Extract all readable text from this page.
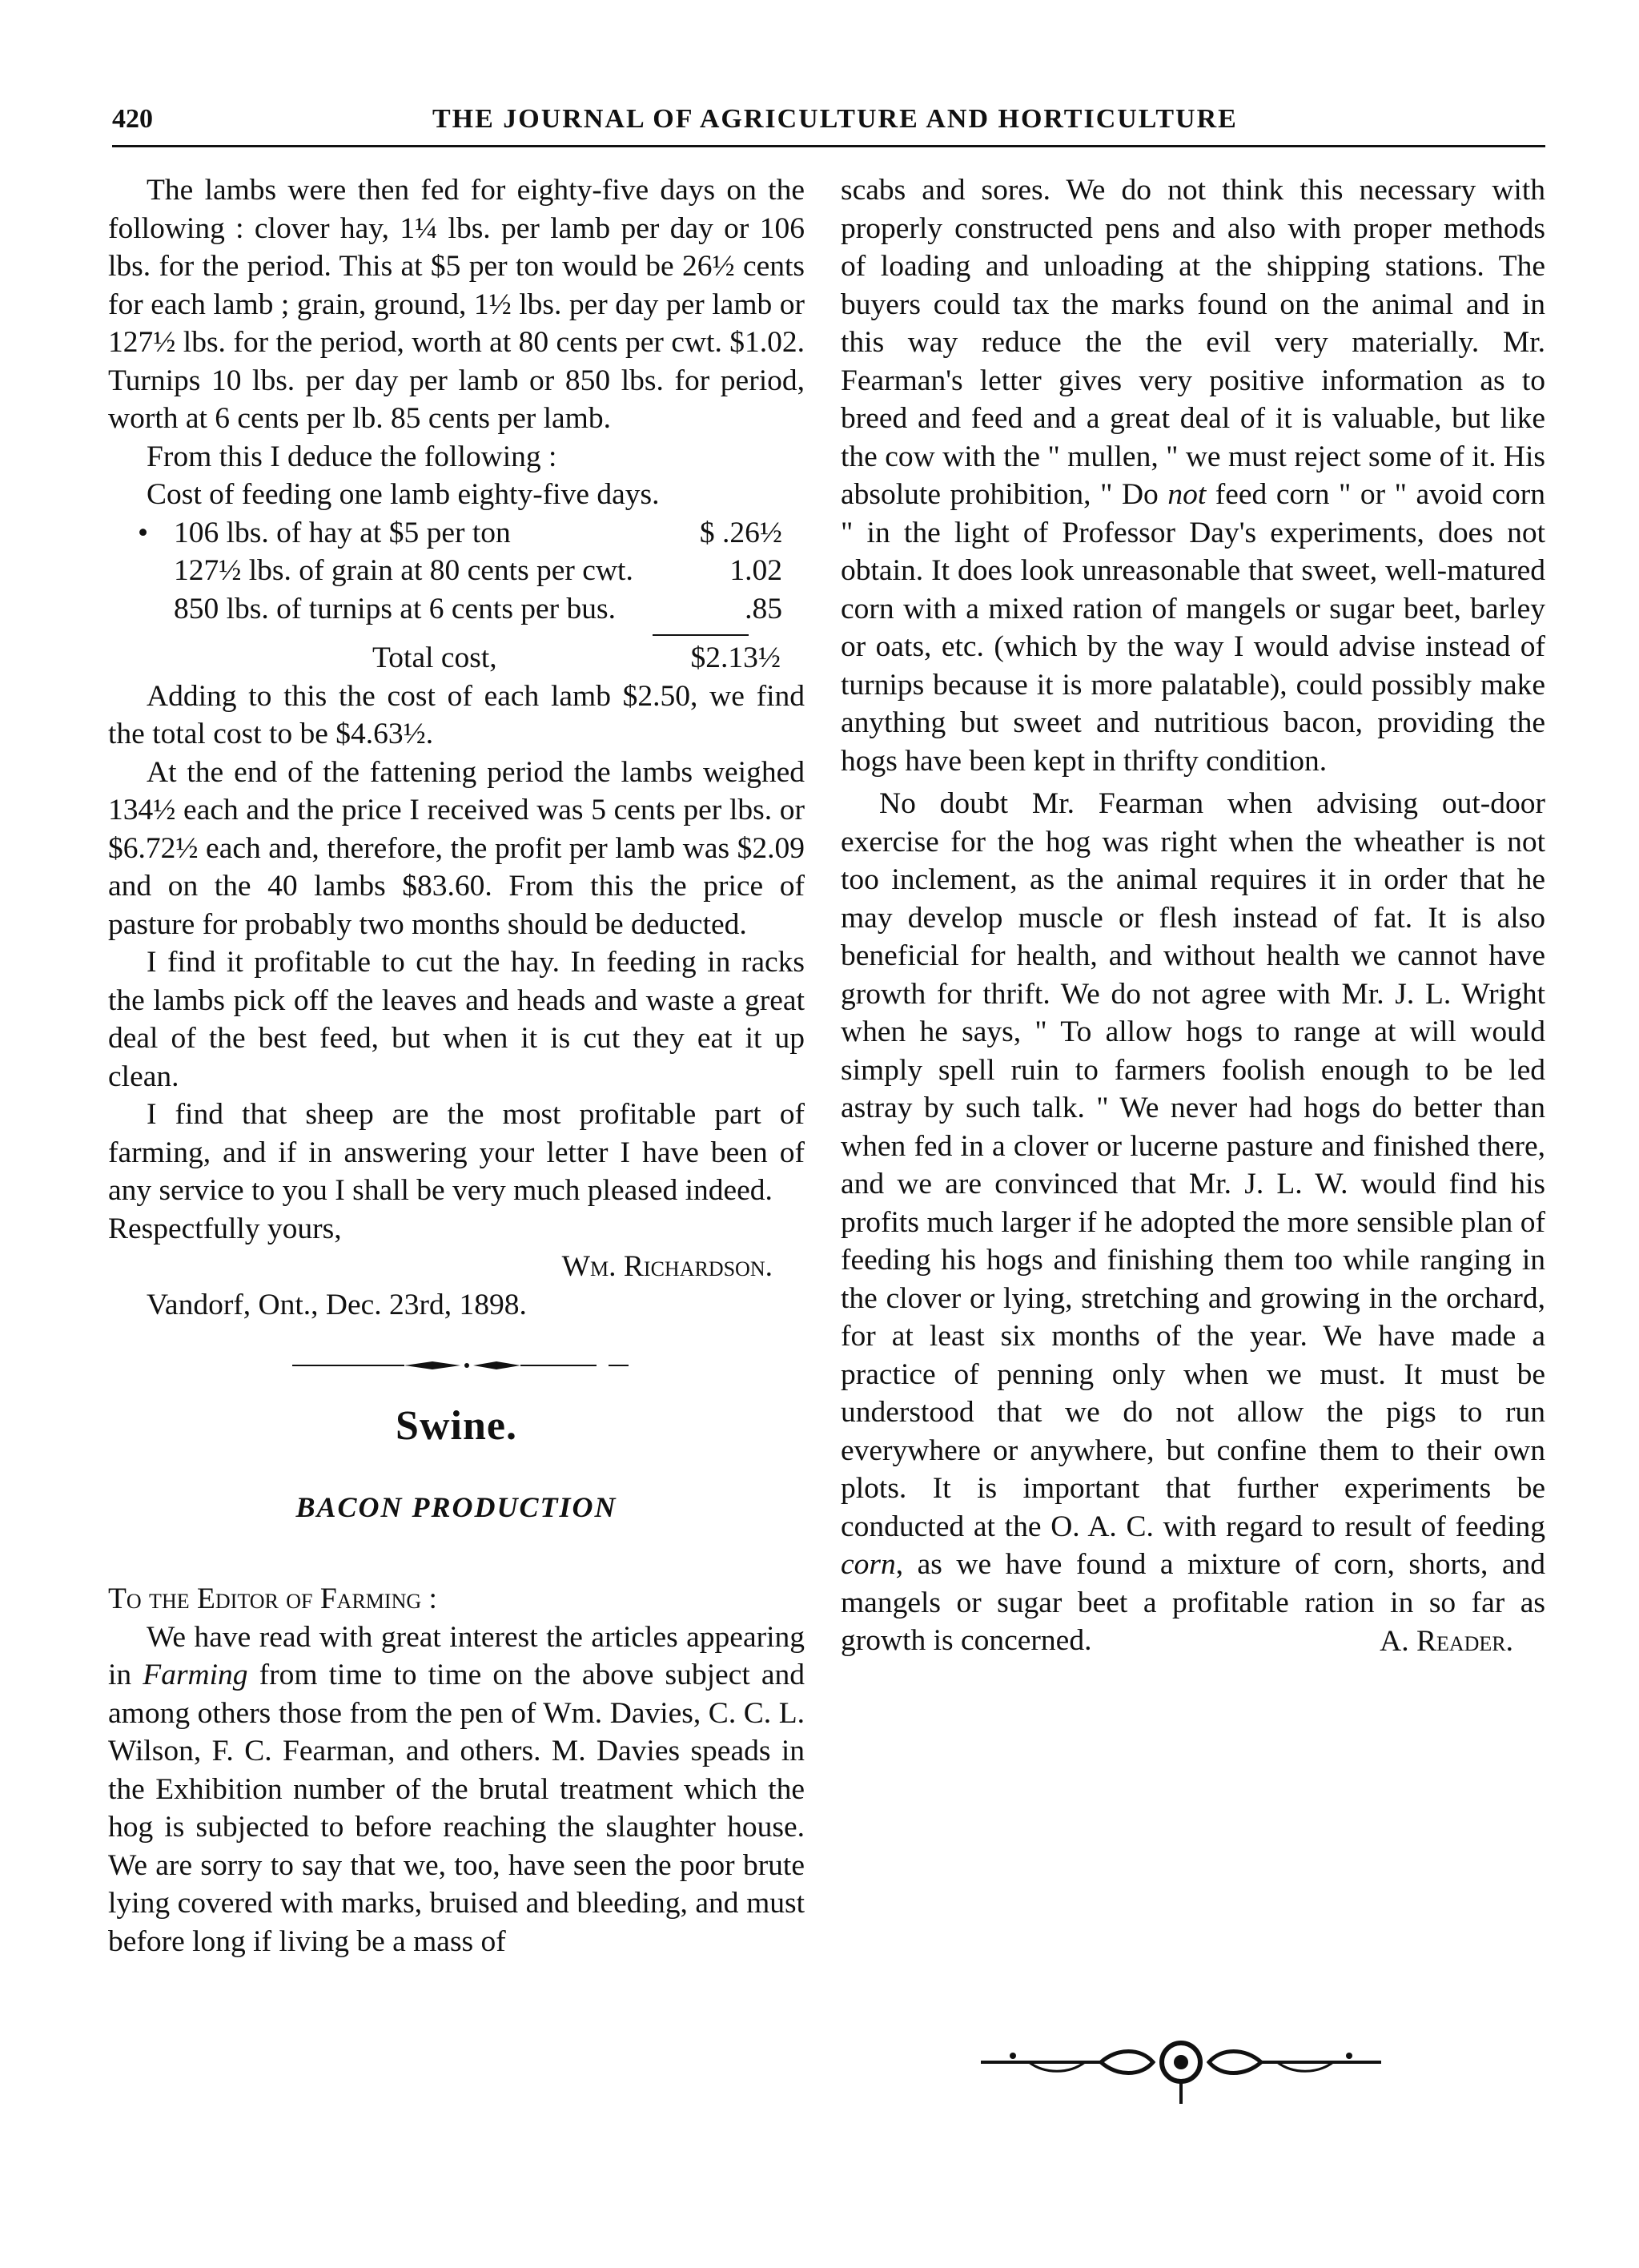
420	THE JOURNAL OF AGRICULTURE AND HORTICULTURE

The lambs were then fed for eighty-five days on the following : clover hay, 1¼ lbs. per lamb per day or 106 lbs. for the period. This at $5 per ton would be 26½ cents for each lamb ; grain, ground, 1½ lbs. per day per lamb or 127½ lbs. for the period, worth at 80 cents per cwt. $1.02. Turnips 10 lbs. per day per lamb or 850 lbs. for period, worth at 6 cents per lb. 85 cents per lamb.

From this I deduce the following :

Cost of feeding one lamb eighty-five days.

• 106 lbs. of hay at $5 per ton	$ .26½
127½ lbs. of grain at 80 cents per cwt.	1.02
850 lbs. of turnips at 6 cents per bus.	.85
Total cost,	$2.13½

Adding to this the cost of each lamb $2.50, we find the total cost to be $4.63½.

At the end of the fattening period the lambs weighed 134½ each and the price I received was 5 cents per lbs. or $6.72½ each and, therefore, the profit per lamb was $2.09 and on the 40 lambs $83.60. From this the price of pasture for probably two months should be deducted.

I find it profitable to cut the hay. In feeding in racks the lambs pick off the leaves and heads and waste a great deal of the best feed, but when it is cut they eat it up clean.

I find that sheep are the most profitable part of farming, and if in answering your letter I have been of any service to you I shall be very much pleased indeed.

Respectfully yours,

Wm. Richardson.

Vandorf, Ont., Dec. 23rd, 1898.

Swine.
BACON PRODUCTION

To the Editor of Farming :

We have read with great interest the articles appearing in Farming from time to time on the above subject and among others those from the pen of Wm. Davies, C. C. L. Wilson, F. C. Fearman, and others. M. Davies speads in the Exhibition number of the brutal treatment which the hog is subjected to before reaching the slaughter house. We are sorry to say that we, too, have seen the poor brute lying covered with marks, bruised and bleeding, and must before long if living be a mass of

scabs and sores. We do not think this necessary with properly constructed pens and also with proper methods of loading and unloading at the shipping stations. The buyers could tax the marks found on the animal and in this way reduce the the evil very materially. Mr. Fearman's letter gives very positive information as to breed and feed and a great deal of it is valuable, but like the cow with the " mullen, " we must reject some of it. His absolute prohibition, " Do not feed corn " or " avoid corn " in the light of Professor Day's experiments, does not obtain. It does look unreasonable that sweet, well-matured corn with a mixed ration of mangels or sugar beet, barley or oats, etc. (which by the way I would advise instead of turnips because it is more palatable), could possibly make anything but sweet and nutritious bacon, providing the hogs have been kept in thrifty condition.

No doubt Mr. Fearman when advising out-door exercise for the hog was right when the wheather is not too inclement, as the animal requires it in order that he may develop muscle or flesh instead of fat. It is also beneficial for health, and without health we cannot have growth for thrift. We do not agree with Mr. J. L. Wright when he says, " To allow hogs to range at will would simply spell ruin to farmers foolish enough to be led astray by such talk. " We never had hogs do better than when fed in a clover or lucerne pasture and finished there, and we are convinced that Mr. J. L. W. would find his profits much larger if he adopted the more sensible plan of feeding his hogs and finishing them too while ranging in the clover or lying, stretching and growing in the orchard, for at least six months of the year. We have made a practice of penning only when we must. It must be understood that we do not allow the pigs to run everywhere or anywhere, but confine them to their own plots. It is important that further experiments be conducted at the O. A. C. with regard to result of feeding corn, as we have found a mixture of corn, shorts, and mangels or sugar beet a profitable ration in so far as growth is concerned.	A. Reader.
